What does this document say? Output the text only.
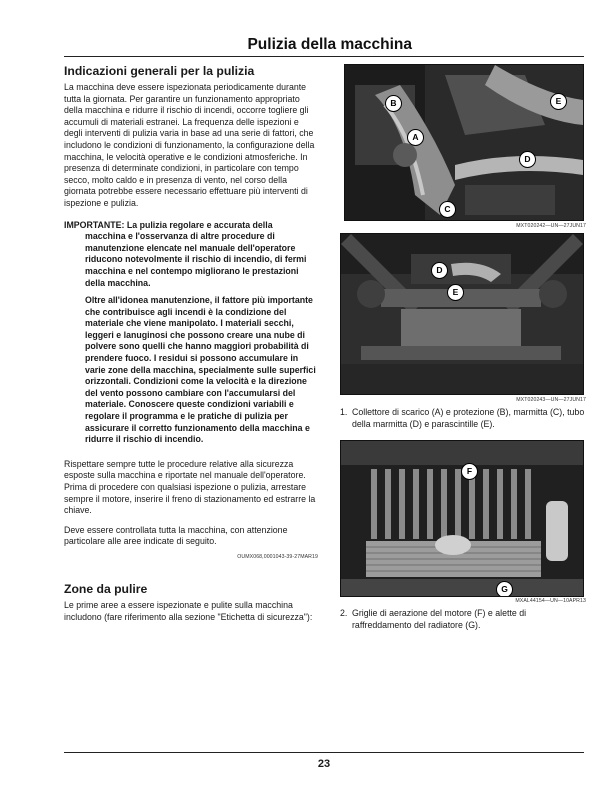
Pulizia della macchina
Indicazioni generali per la pulizia

La macchina deve essere ispezionata periodicamente durante tutta la giornata. Per garantire un funzionamento appropriato della macchina e ridurre il rischio di incendi, occorre togliere gli accumuli di materiali estranei. La frequenza delle ispezioni e degli interventi di pulizia varia in base ad una serie di fattori, che includono le condizioni di funzionamento, la configurazione della macchina, le velocità operative e le condizioni atmosferiche. In presenza di determinate condizioni, in particolare con tempo secco, molto caldo e in presenza di vento, nel corso della giornata potrebbe essere necessario effettuare più interventi di ispezione e pulizia.

IMPORTANTE: La pulizia regolare e accurata della

macchina e l'osservanza di altre procedure di manutenzione elencate nel manuale dell'operatore riducono notevolmente il rischio di incendio, di fermi macchina e nel contempo migliorano le prestazioni della macchina.

Oltre all'idonea manutenzione, il fattore più importante che contribuisce agli incendi è la condizione del materiale che viene manipolato. I materiali secchi, leggeri e lanuginosi che possono creare una nube di polvere sono quelli che hanno maggiori probabilità di prendere fuoco. I residui si possono accumulare in varie zone della macchina, specialmente sulle superfici orizzontali. Condizioni come la velocità e la direzione del vento possono cambiare con l'accumularsi del materiale. Conoscere queste condizioni variabili e regolare il programma e le pratiche di pulizia per assicurare il corretto funzionamento della macchina e ridurre il rischio di incendio.

Rispettare sempre tutte le procedure relative alla sicurezza esposte sulla macchina e riportate nel manuale dell'operatore. Prima di procedere con qualsiasi ispezione o pulizia, arrestare sempre il motore, inserire il freno di stazionamento ed estrarre la chiave.

Deve essere controllata tutta la macchina, con attenzione particolare alle aree indicate di seguito.

OUMX068,0001043-39-27MAR19
Zone da pulire

Le prime aree a essere ispezionate e pulite sulla macchina includono (fare riferimento alla sezione "Etichetta di sicurezza"):

B
A
C
D
E
MXT020242—UN—27JUN17
D
E
MXT020243—UN—27JUN17
1. Collettore di scarico (A) e protezione (B), marmitta (C), tubo della marmitta (D) e parascintille (E).
F
G
MXAL44154—UN—10APR13
2. Griglie di aerazione del motore (F) e alette di raffreddamento del radiatore (G).
23
